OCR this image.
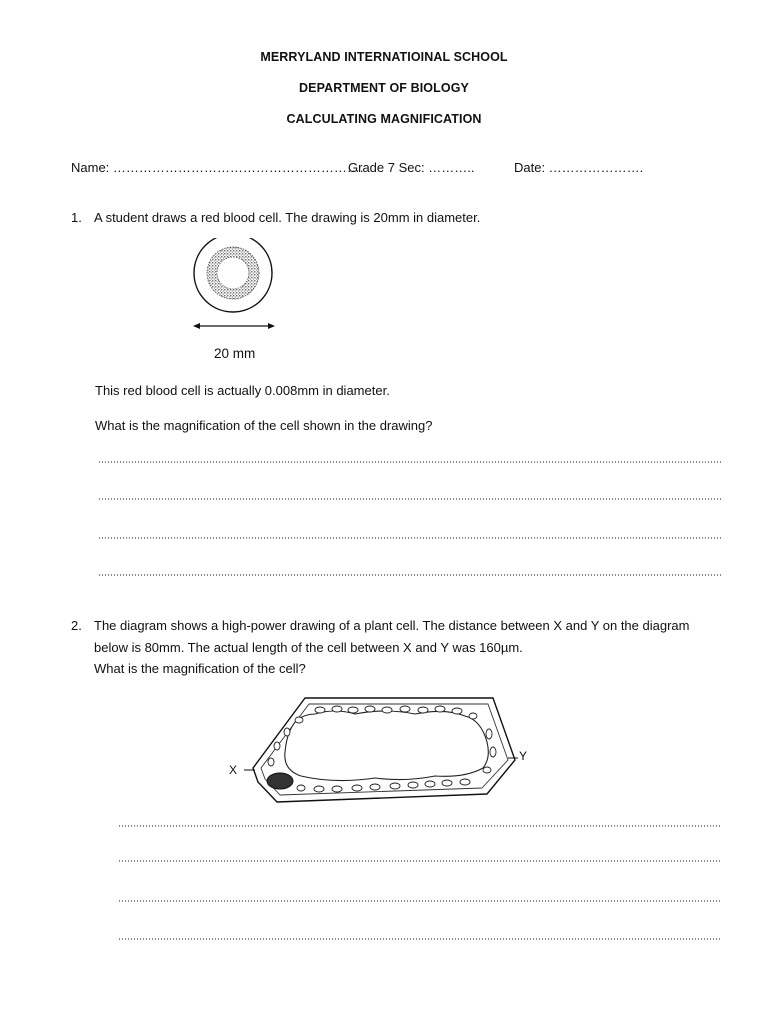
MERRYLAND INTERNATIOINAL SCHOOL
DEPARTMENT OF BIOLOGY
CALCULATING MAGNIFICATION
Name: ………………………………………………….
Grade 7 Sec: ………..	Date: ………………….
1. A student draws a red blood cell. The drawing is 20mm in diameter.
20 mm
This red blood cell is actually 0.008mm in diameter.
What is the magnification of the cell shown in the drawing?
2. The diagram shows a high-power drawing of a plant cell. The distance between X and Y on the diagram
below is 80mm. The actual length of the cell between X and Y was 160µm.
What is the magnification of the cell?
X
Y
